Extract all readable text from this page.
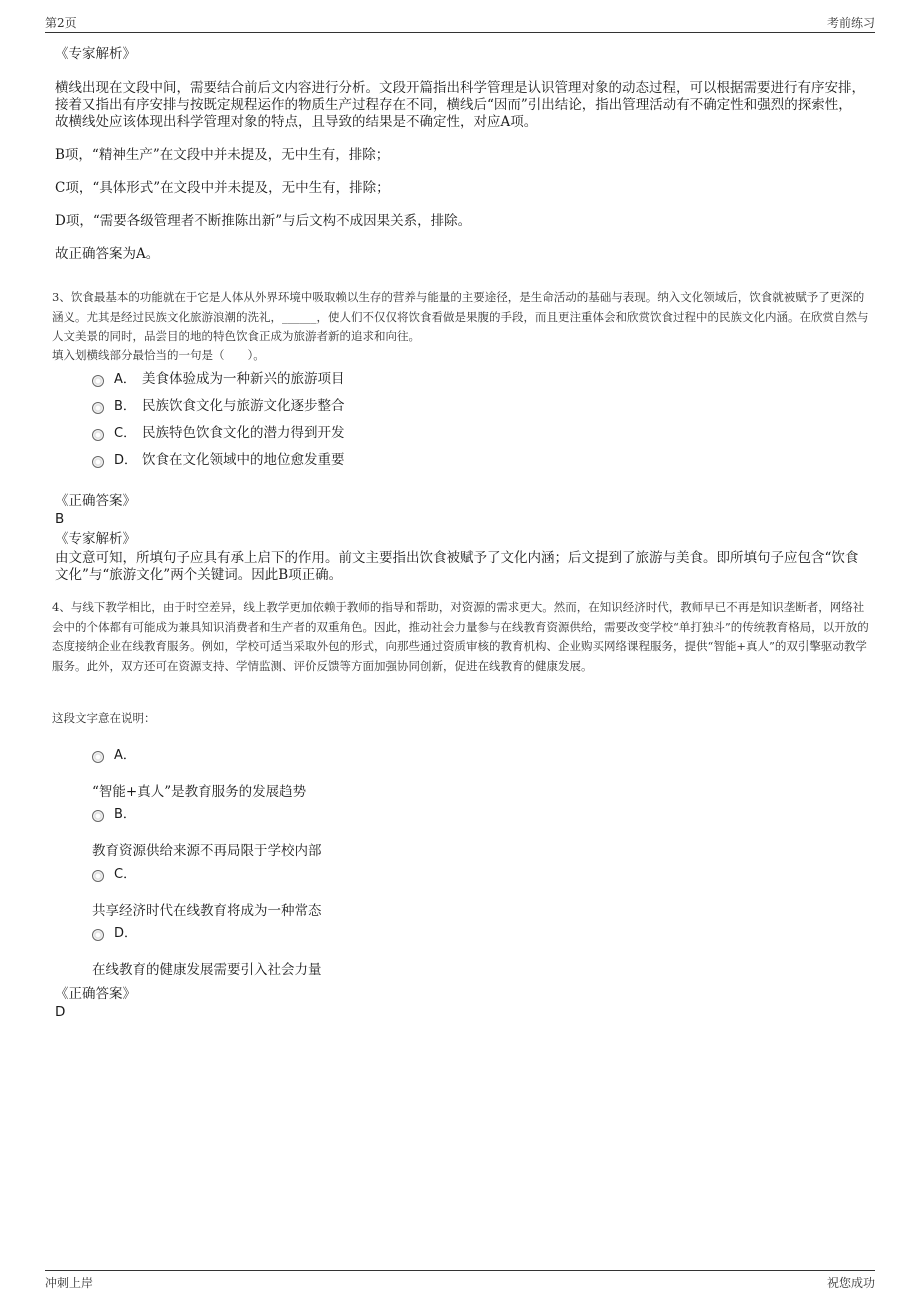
第2页	考前练习

《专家解析》

横线出现在文段中间，需要结合前后文内容进行分析。文段开篇指出科学管理是认识管理对象的动态过程，可以根据需要进行有序安排，接着又指出有序安排与按既定规程运作的物质生产过程存在不同，横线后“因而”引出结论，指出管理活动有不确定性和强烈的探索性，故横线处应该体现出科学管理对象的特点，且导致的结果是不确定性，对应A项。

B项，“精神生产”在文段中并未提及，无中生有，排除；

C项，“具体形式”在文段中并未提及，无中生有，排除；

D项，“需要各级管理者不断推陈出新”与后文构不成因果关系，排除。

故正确答案为A。

3、饮食最基本的功能就在于它是人体从外界环境中吸取赖以生存的营养与能量的主要途径，是生命活动的基础与表现。纳入文化领域后，饮食就被赋予了更深的涵义。尤其是经过民族文化旅游浪潮的洗礼，______，使人们不仅仅将饮食看做是果腹的手段，而且更注重体会和欣赏饮食过程中的民族文化内涵。在欣赏自然与人文美景的同时，品尝目的地的特色饮食正成为旅游者新的追求和向往。

填入划横线部分最恰当的一句是（　　）。

A． 美食体验成为一种新兴的旅游项目
B． 民族饮食文化与旅游文化逐步整合
C． 民族特色饮食文化的潜力得到开发
D． 饮食在文化领域中的地位愈发重要

《正确答案》

B

《专家解析》

由文意可知，所填句子应具有承上启下的作用。前文主要指出饮食被赋予了文化内涵；后文提到了旅游与美食。即所填句子应包含“饮食文化”与“旅游文化”两个关键词。因此B项正确。

4、与线下教学相比，由于时空差异，线上教学更加依赖于教师的指导和帮助，对资源的需求更大。然而，在知识经济时代，教师早已不再是知识垄断者，网络社会中的个体都有可能成为兼具知识消费者和生产者的双重角色。因此，推动社会力量参与在线教育资源供给，需要改变学校“单打独斗”的传统教育格局，以开放的态度接纳企业在线教育服务。例如，学校可适当采取外包的形式，向那些通过资质审核的教育机构、企业购买网络课程服务，提供“智能+真人”的双引擎驱动教学服务。此外，双方还可在资源支持、学情监测、评价反馈等方面加强协同创新，促进在线教育的健康发展。

这段文字意在说明：

A．
“智能+真人”是教育服务的发展趋势
B．
教育资源供给来源不再局限于学校内部
C．
共享经济时代在线教育将成为一种常态
D．
在线教育的健康发展需要引入社会力量

《正确答案》

D

冲刺上岸	祝您成功
